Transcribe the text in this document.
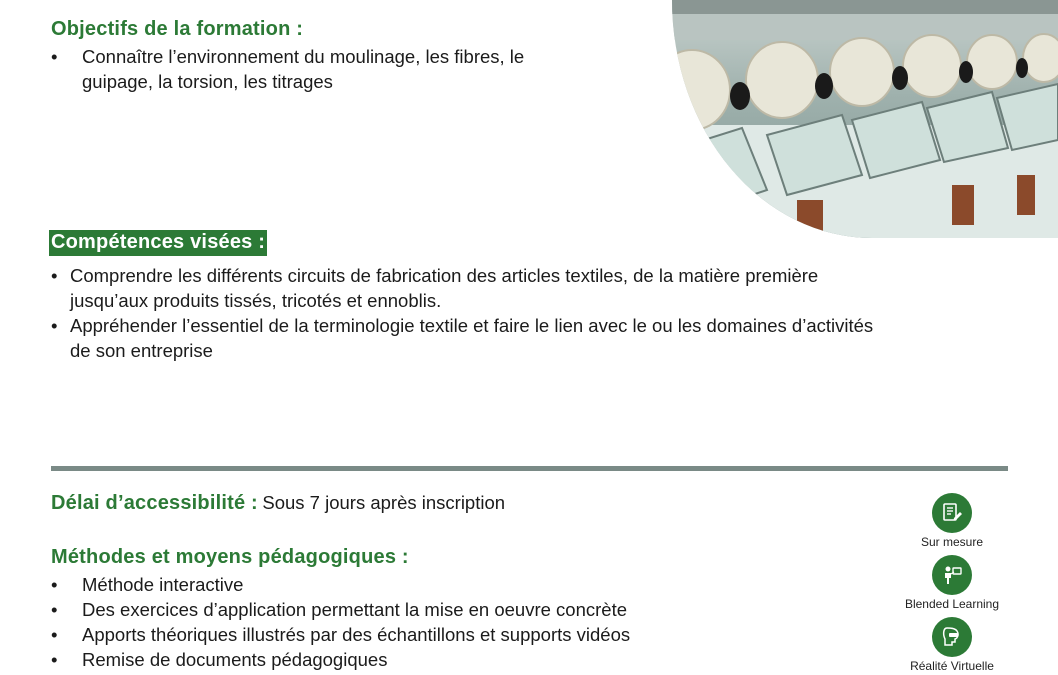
Objectifs de la formation :
• Connaître l’environnement du moulinage, les fibres, le
guipage, la torsion, les titrages
Compétences visées :
• Comprendre les différents circuits de fabrication des articles textiles, de la matière première
jusqu’aux produits tissés, tricotés et ennoblis.
• Appréhender l’essentiel de la terminologie textile et faire le lien avec le ou les domaines d’activités
de son entreprise
Délai d’accessibilité : Sous 7 jours après inscription
Méthodes et moyens pédagogiques :
• Méthode interactive
• Des exercices d’application permettant la mise en oeuvre concrète
• Apports théoriques illustrés par des échantillons et supports vidéos
• Remise de documents pédagogiques
Sur mesure
Blended Learning
Réalité Virtuelle
